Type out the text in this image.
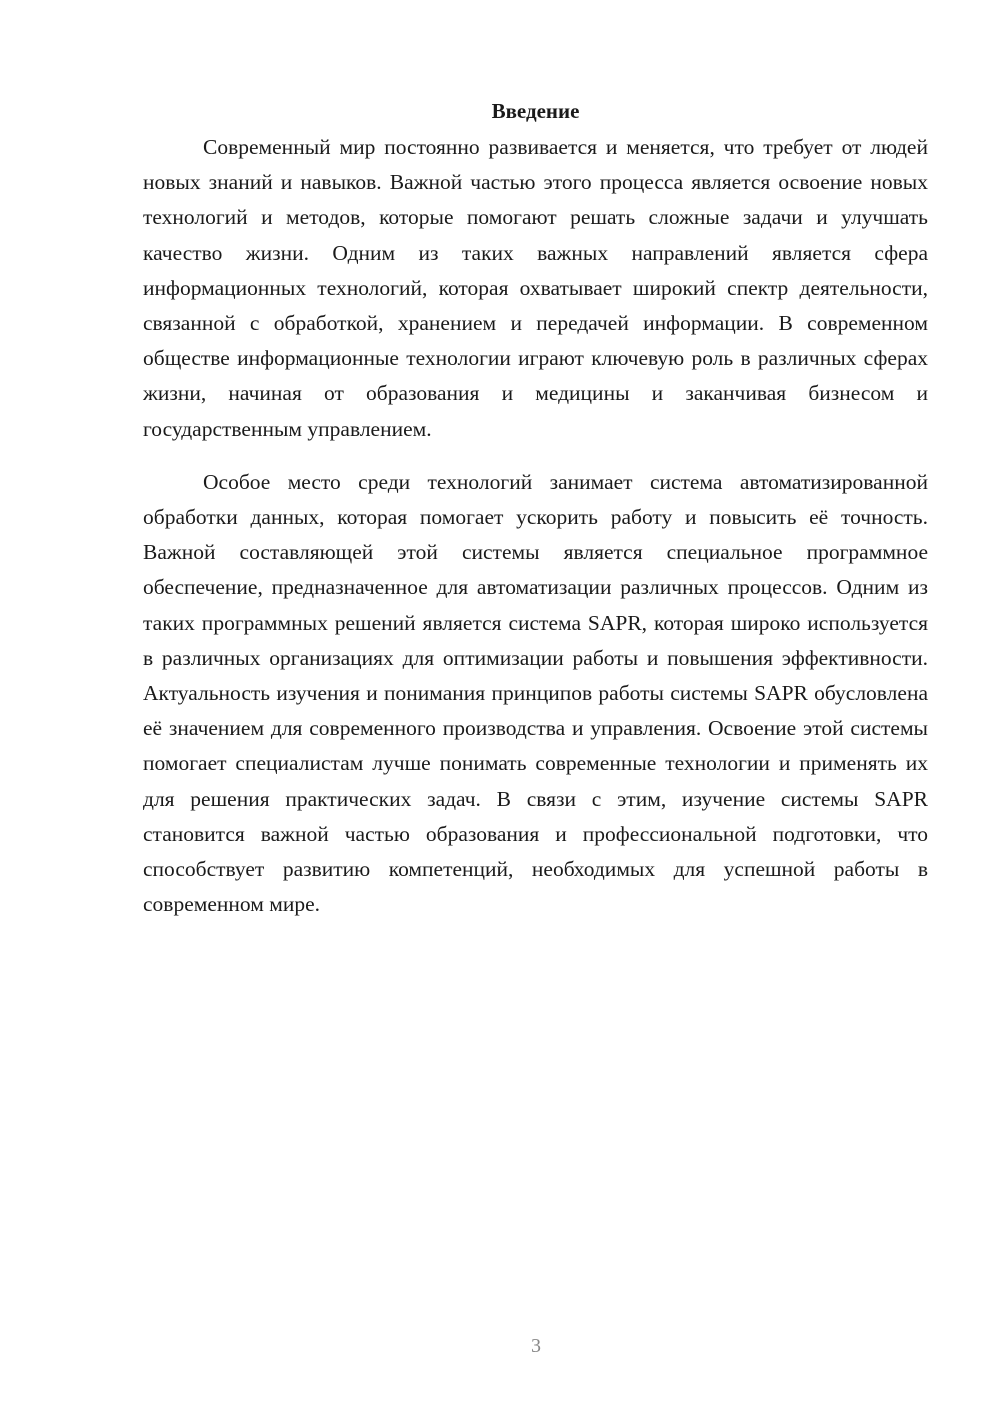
Введение

Современный мир постоянно развивается и меняется, что требует от людей новых знаний и навыков. Важной частью этого процесса является освоение новых технологий и методов, которые помогают решать сложные задачи и улучшать качество жизни. Одним из таких важных направлений является сфера информационных технологий, которая охватывает широкий спектр деятельности, связанной с обработкой, хранением и передачей информации. В современном обществе информационные технологии играют ключевую роль в различных сферах жизни, начиная от образования и медицины и заканчивая бизнесом и государственным управлением.

Особое место среди технологий занимает система автоматизированной обработки данных, которая помогает ускорить работу и повысить её точность. Важной составляющей этой системы является специальное программное обеспечение, предназначенное для автоматизации различных процессов. Одним из таких программных решений является система SAPR, которая широко используется в различных организациях для оптимизации работы и повышения эффективности. Актуальность изучения и понимания принципов работы системы SAPR обусловлена её значением для современного производства и управления. Освоение этой системы помогает специалистам лучше понимать современные технологии и применять их для решения практических задач. В связи с этим, изучение системы SAPR становится важной частью образования и профессиональной подготовки, что способствует развитию компетенций, необходимых для успешной работы в современном мире.

3
